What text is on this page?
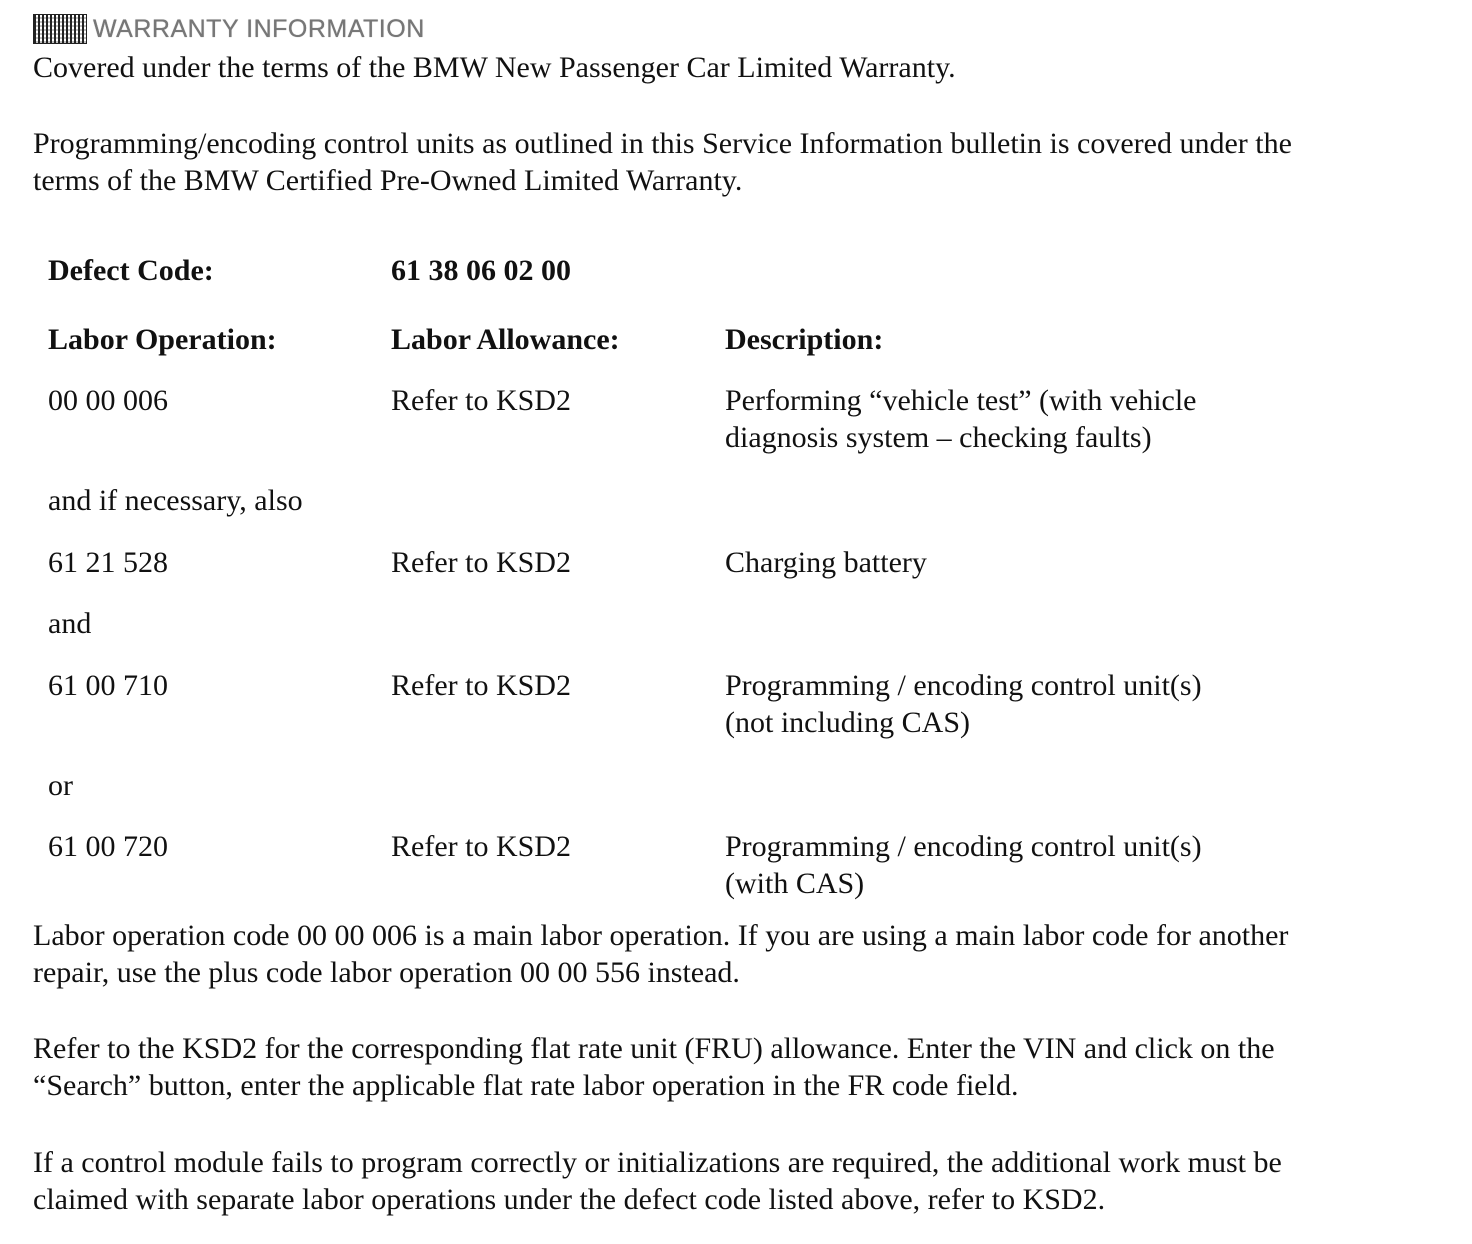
WARRANTY INFORMATION

Covered under the terms of the BMW New Passenger Car Limited Warranty.

Programming/encoding control units as outlined in this Service Information bulletin is covered under the
terms of the BMW Certified Pre-Owned Limited Warranty.

Defect Code:	61 38 06 02 00
Labor Operation:	Labor Allowance:	Description:
00 00 006	Refer to KSD2	Performing “vehicle test” (with vehicle
diagnosis system – checking faults)
and if necessary, also
61 21 528	Refer to KSD2	Charging battery
and
61 00 710	Refer to KSD2	Programming / encoding control unit(s)
(not including CAS)
or
61 00 720	Refer to KSD2	Programming / encoding control unit(s)
(with CAS)

Labor operation code 00 00 006 is a main labor operation. If you are using a main labor code for another
repair, use the plus code labor operation 00 00 556 instead.

Refer to the KSD2 for the corresponding flat rate unit (FRU) allowance. Enter the VIN and click on the
“Search” button, enter the applicable flat rate labor operation in the FR code field.

If a control module fails to program correctly or initializations are required, the additional work must be
claimed with separate labor operations under the defect code listed above, refer to KSD2.
